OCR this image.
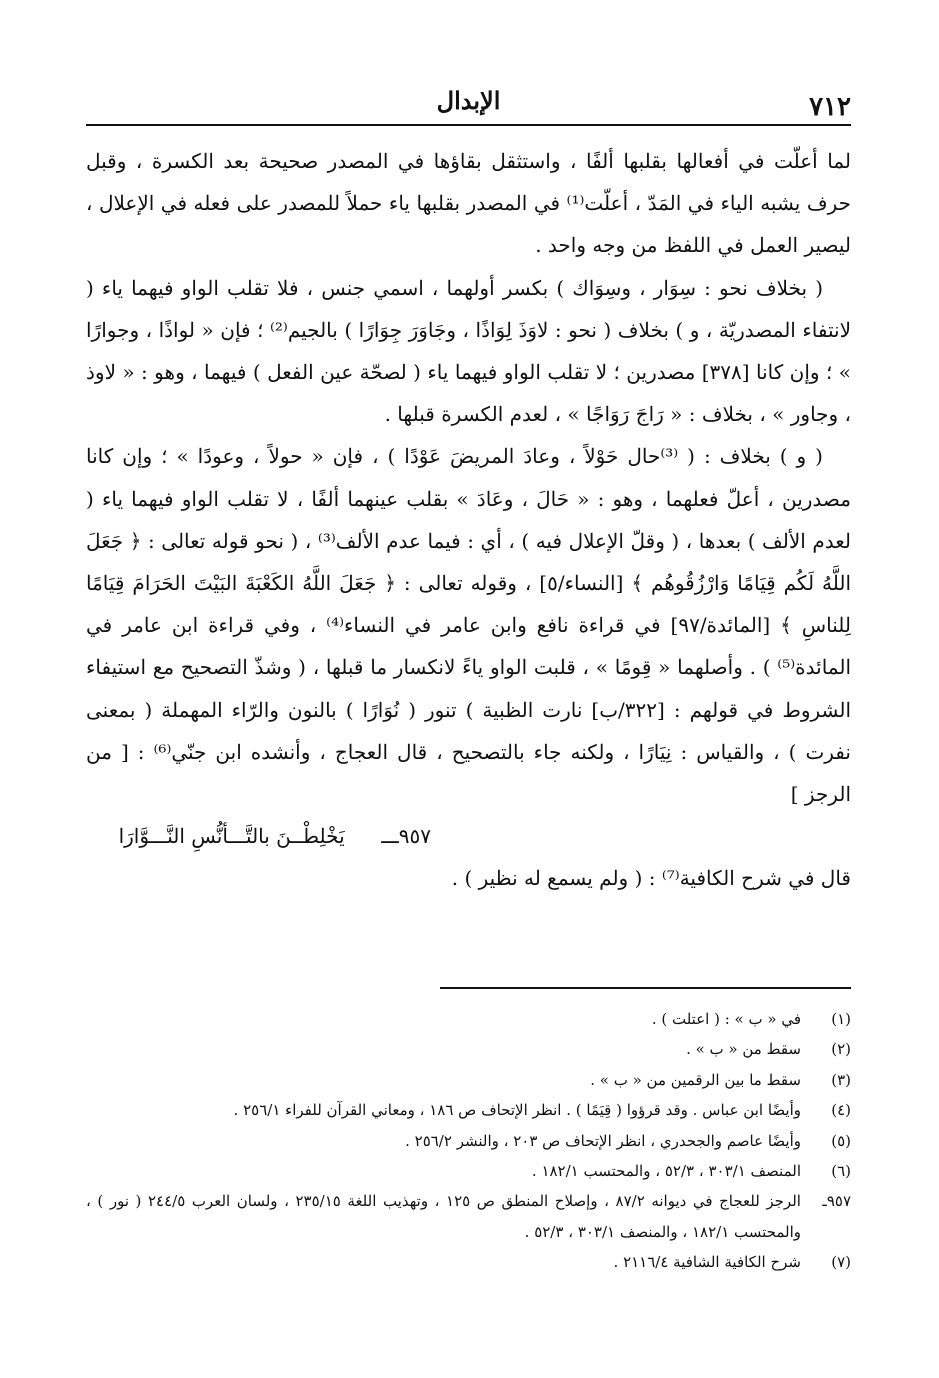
٧١٢
الإبدال

لما أعلّت في أفعالها بقلبها ألفًا ، واستثقل بقاؤها في المصدر صحيحة بعد الكسرة ، وقبل حرف يشبه الياء في المَدّ ، أعلّت⁽¹⁾ في المصدر بقلبها ياء حملاً للمصدر على فعله في الإعلال ، ليصير العمل في اللفظ من وجه واحد .

( بخلاف نحو : سِوَار ، وسِوَاك ) بكسر أولهما ، اسمي جنس ، فلا تقلب الواو فيهما ياء ( لانتفاء المصدريّة ، و ) بخلاف ( نحو : لاوَذَ لِوَاذًا ، وجَاوَرَ جِوَارًا ) بالجيم⁽²⁾ ؛ فإن « لواذًا ، وجوارًا » ؛ وإن كانا [٣٧٨] مصدرين ؛ لا تقلب الواو فيهما ياء ( لصحّة عين الفعل ) فيهما ، وهو : « لاوذ ، وجاور » ، بخلاف : « رَاجَ رَوَاجًا » ، لعدم الكسرة قبلها .

( و ) بخلاف : ( ⁽³⁾حال حَوْلاً ، وعادَ المريضَ عَوْدًا ) ، فإن « حولاً ، وعودًا » ؛ وإن كانا مصدرين ، أعلّ فعلهما ، وهو : « حَالَ ، وعَادَ » بقلب عينهما ألفًا ، لا تقلب الواو فيهما ياء ( لعدم الألف ) بعدها ، ( وقلّ الإعلال فيه ) ، أي : فيما عدم الألف⁽³⁾ ، ( نحو قوله تعالى : ﴿ جَعَلَ اللَّهُ لَكُم قِيَامًا وَارْزُقُوهُم ﴾ [النساء/٥] ، وقوله تعالى : ﴿ جَعَلَ اللَّهُ الكَعْبَةَ البَيْتَ الحَرَامَ قِيَامًا لِلناسِ ﴾ [المائدة/٩٧] في قراءة نافع وابن عامر في النساء⁽⁴⁾ ، وفي قراءة ابن عامر في المائدة⁽⁵⁾ ) . وأصلهما « قِومًا » ، قلبت الواو ياءً لانكسار ما قبلها ، ( وشذّ التصحيح مع استيفاء الشروط في قولهم : [٣٢٢/ب] نارت الظبية ) تنور ( نُوَارًا ) بالنون والرّاء المهملة ( بمعنى نفرت ) ، والقياس : نِيَارًا ، ولكنه جاء بالتصحيح ، قال العجاج ، وأنشده ابن جنّي⁽⁶⁾ : [ من الرجز ]

٩٥٧ـــ يَخْلِطْــنَ بالتَّـــأنُّسِ النَّـــوَّارَا

قال في شرح الكافية⁽⁷⁾ : ( ولم يسمع له نظير ) .

(١)
في « ب » : ( اعتلت ) .
(٢)
سقط من « ب » .
(٣)
سقط ما بين الرقمين من « ب » .
(٤)
وأيضًا ابن عباس . وقد قرؤوا ( قِيَمًا ) . انظر الإتحاف ص ١٨٦ ، ومعاني القرآن للفراء ٢٥٦/١ .
(٥)
وأيضًا عاصم والجحدري ، انظر الإتحاف ص ٢٠٣ ، والنشر ٢٥٦/٢ .
(٦)
المنصف ٣٠٣/١ ، ٥٢/٣ ، والمحتسب ١٨٢/١ .
٩٥٧ـ
الرجز للعجاج في ديوانه ٨٧/٢ ، وإصلاح المنطق ص ١٢٥ ، وتهذيب اللغة ٢٣٥/١٥ ، ولسان العرب ٢٤٤/٥ ( نور ) ، والمحتسب ١٨٢/١ ، والمنصف ٣٠٣/١ ، ٥٢/٣ .
(٧)
شرح الكافية الشافية ٢١١٦/٤ .
